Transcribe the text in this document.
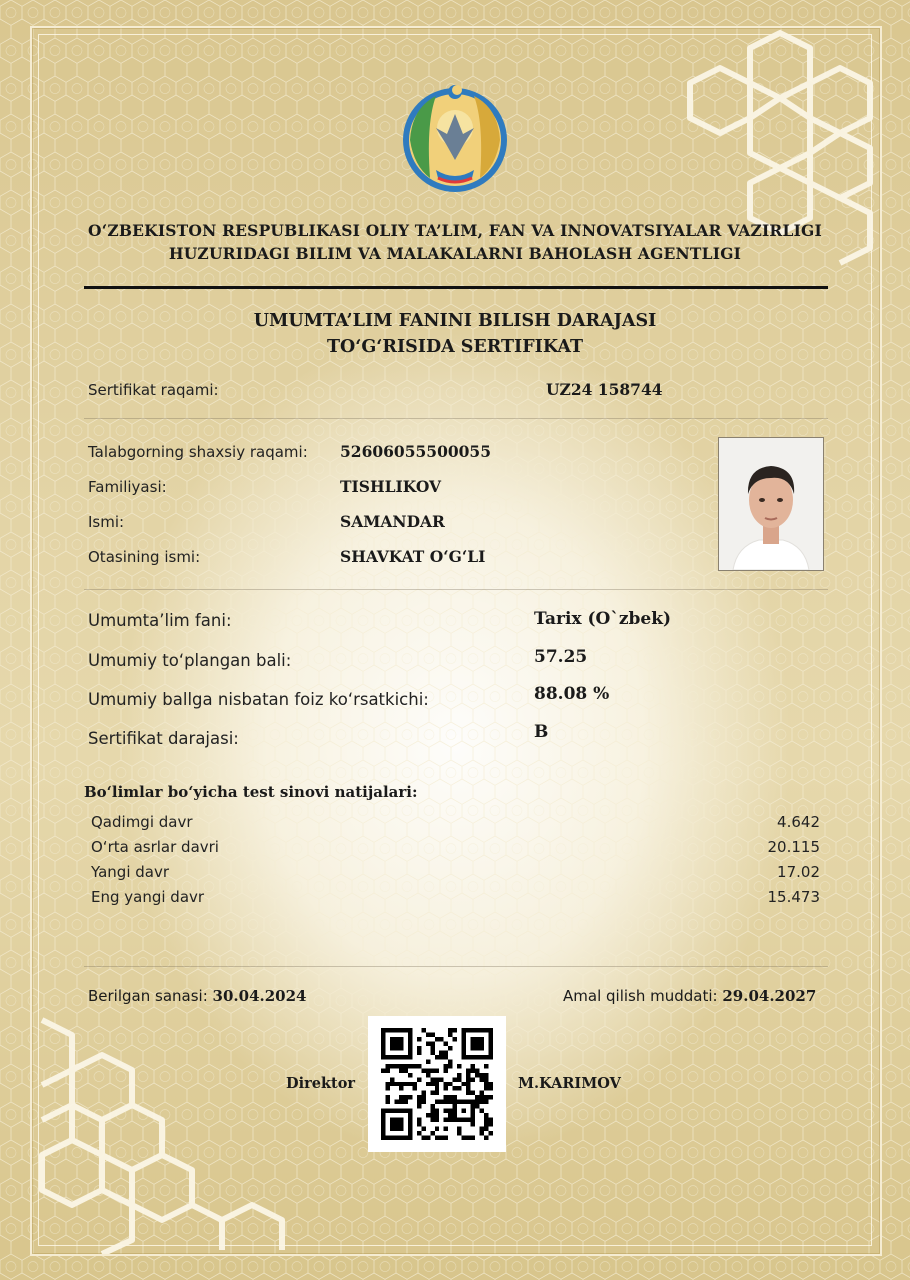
O‘ZBEKISTON RESPUBLIKASI OLIY TA’LIM, FAN VA INNOVATSIYALAR VAZIRLIGI
HUZURIDAGI BILIM VA MALAKALARNI BAHOLASH AGENTLIGI
UMUMTA’LIM FANINI BILISH DARAJASI
TO‘G‘RISIDA SERTIFIKAT
Sertifikat raqami:	UZ24 158744
Talabgorning shaxsiy raqami: 52606055500055
Familiyasi:	TISHLIKOV
Ismi:	SAMANDAR
Otasining ismi:	SHAVKAT O‘G‘LI
Umumta’lim fani:	Tarix (O`zbek)
Umumiy to‘plangan bali:	57.25
Umumiy ballga nisbatan foiz ko‘rsatkichi:	88.08 %
Sertifikat darajasi:	B
Bo‘limlar bo‘yicha test sinovi natijalari:
Qadimgi davr	4.642
O‘rta asrlar davri	20.115
Yangi davr	17.02
Eng yangi davr	15.473
Berilgan sanasi: 30.04.2024	Amal qilish muddati: 29.04.2027
Direktor	M.KARIMOV
